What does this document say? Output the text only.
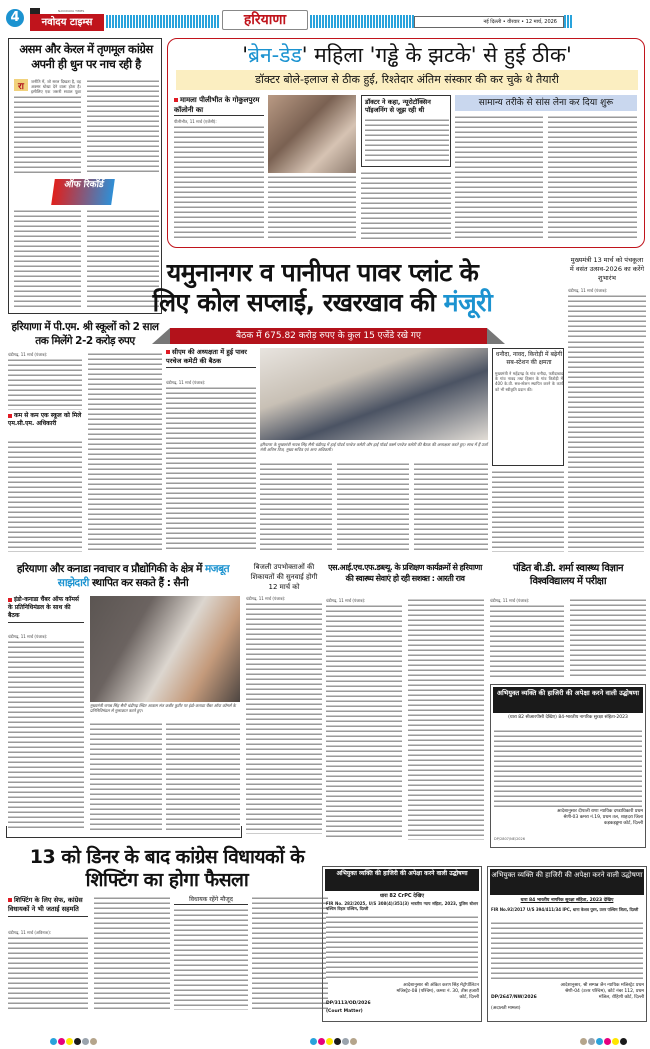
4	NAVODAYA TIMES
नवोदय टाइम्स	हरियाणा	नई दिल्ली • वीरवार • 12 मार्च, 2026
असम और केरल में तृणमूल कांग्रेस अपनी ही धुन पर नाच रही है
रा
जनीति में, जो सरल दिखता है, वह अक्सर धोखा देने वाला होता है। इसीलिए एक जरूरी सवाल पूछा
ऑफ रिकॉर्ड
हरियाणा में पी.एम. श्री स्कूलों को 2 साल तक मिलेंगे 2-2 करोड़ रुपए
चंडीगढ़, 11 मार्च (पंजाब):
कम से कम एक स्कूल को मिले एम.सी.एम. अधिकारी
'ब्रेन-डेड' महिला 'गड्ढे के झटके' से हुई ठीक'
डॉक्टर बोले-इलाज से ठीक हुई, रिश्तेदार अंतिम संस्कार की कर चुके थे तैयारी
मामला पीलीभीत के गोकुलपुरम कॉलोनी का
पीलीभीत, 11 मार्च (एजेंसी):
डॉक्टर ने कहा, न्यूरोटॉक्सिन पॉइजनिंग से जूझ रही थी
सामान्य तरीके से सांस लेना कर दिया शुरू
यमुनानगर व पानीपत पावर प्लांट के
लिए कोल सप्लाई, रखरखाव की मंजूरी
बैठक में 675.82 करोड़ रुपए के कुल 15 एजेंडे रखे गए
सीएम की अध्यक्षता में हुई पावर परचेज कमेटी की बैठक
चंडीगढ़, 11 मार्च (पंजाब):
हरियाणा के मुख्यमंत्री नायब सिंह सैनी चंडीगढ़ में हाई पॉवर्ड परचेज कमेटी और हाई पॉवर्ड वर्क्स परचेज कमेटी की बैठक की अध्यक्षता करते हुए। साथ में हैं उर्जा मंत्री अनिल विज, मुख्य सचिव एवं अन्य अधिकारी।
धनौदा, नावद, किरोड़ी में बढ़ेगी सब-स्टेशन की क्षमता
मुख्यमंत्री ने महेंद्रगढ़ के गांव धनौदा, फरीदाबाद के गांव नावद तथा हिसार के गांव किरोड़ी में 400 के.वी. सब-स्टेशन स्थापित करने के कार्य को भी स्वीकृति प्रदान की।
मुख्यमंत्री 13 मार्च को पंचकूला में वसंत उत्सव-2026 का करेंगे शुभारंभ
चंडीगढ़, 11 मार्च (पंजाब):
हरियाणा और कनाडा नवाचार व प्रौद्योगिकी के क्षेत्र में मजबूत साझेदारी स्थापित कर सकते हैं : सैनी
इंडो-कनाडा चैंबर ऑफ कॉमर्स के प्रतिनिधिमंडल के साथ की बैठक
चंडीगढ़, 11 मार्च (पंजाब):
मुख्यमंत्री नायब सिंह सैनी चंडीगढ़ स्थित आवास संत कबीर कुटीर पर इंडो-कनाडा चैंबर ऑफ कॉमर्स के प्रतिनिधिमंडल से मुलाकात करते हुए।
बिजली उपभोक्ताओं की शिकायतों की सुनवाई होगी 12 मार्च को
चंडीगढ़, 11 मार्च (पंजाब):
एस.आई.एच.एफ.डब्ल्यू. के प्रशिक्षण कार्यक्रमों से हरियाणा की स्वास्थ्य सेवाएं हो रही सशक्त : आरती राव
चंडीगढ़, 11 मार्च (पंजाब):
पंडित बी.डी. शर्मा स्वास्थ्य विज्ञान विश्वविद्यालय में परीक्षा
चंडीगढ़, 11 मार्च (पंजाब):
अभियुक्त व्यक्ति की हाजिरी की अपेक्षा करने वाली उद्घोषणा
(धारा 82 सीआरपीसी देखिए) 84-भारतीय नागरिक सुरक्षा संहिता-2023
आदेशानुसार दीपाली राणा न्यायिक दण्डाधिकारी प्रथम श्रेणी-03 कमरा नं.19, प्रथम तल, शाहदरा जिला कड़कड़डूमा कोर्ट, दिल्ली
DP/2807/NE/2026
13 को डिनर के बाद कांग्रेस विधायकों के शिफ्टिंग का होगा फैसला
शिफ्टिंग के लिए सेफ, कांग्रेस विधायकों ने भी जताई सहमति
चंडीगढ़, 11 मार्च (अविनाश):
विधायक रहेंगे मौजूद
अभियुक्त व्यक्ति की हाजिरी की अपेक्षा करने वाली उद्घोषणा
धारा 82 CrPC देखिए
FIR No. 282/2025, U/S 308(4)/351(3) भारतीय न्याय संहिता, 2023, पुलिस स्टेशन पश्चिम विहार पश्चिम, दिल्ली
आदेशानुसार श्री अंकित करण सिंह मेट्रोपॉलिटन मजिस्ट्रेट-08 (पश्चिम), कमरा नं. 30, तीस हजारी कोर्ट, दिल्ली
DP/3113/OD/2026
(Court Matter)
अभियुक्त व्यक्ति की हाजिरी की अपेक्षा करने वाली उद्घोषणा
धारा 84 भारतीय नागरिक सुरक्षा संहिता, 2023 देखिए
FIR No.92/2017 U/S 394/411/34 IPC, थाना केशव पुरम, उत्तर पश्चिम जिला, दिल्ली
आदेशानुसार, श्री सम्पन्न जैन न्यायिक मजिस्ट्रेट प्रथम श्रेणी-04 (उत्तर पश्चिम), कोर्ट नंबर 112, प्रथम मंजिल, रोहिणी कोर्ट, दिल्ली
DP/2647/NW/2026
(अदालती मामला)
